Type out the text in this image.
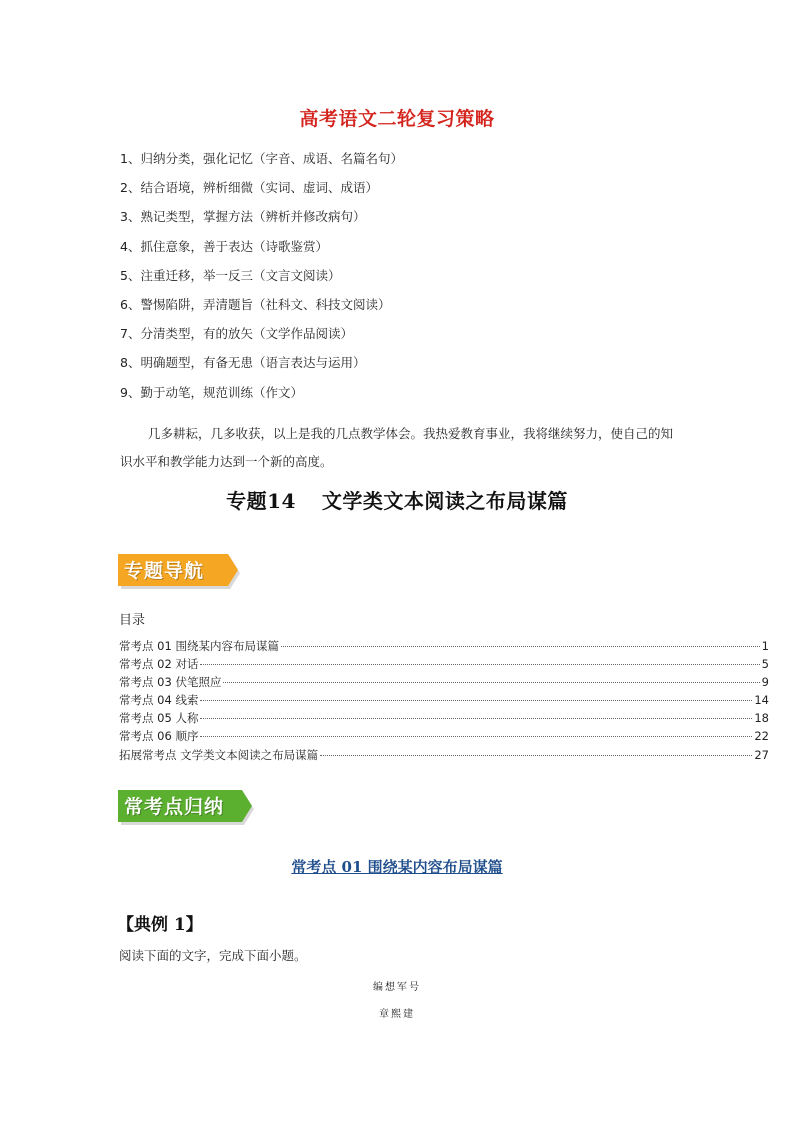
高考语文二轮复习策略
1、归纳分类，强化记忆（字音、成语、名篇名句）
2、结合语境，辨析细微（实词、虚词、成语）
3、熟记类型，掌握方法（辨析并修改病句）
4、抓住意象，善于表达（诗歌鉴赏）
5、注重迁移，举一反三（文言文阅读）
6、警惕陷阱，弄清题旨（社科文、科技文阅读）
7、分清类型，有的放矢（文学作品阅读）
8、明确题型，有备无患（语言表达与运用）
9、勤于动笔，规范训练（作文）

几多耕耘，几多收获，以上是我的几点教学体会。我热爱教育事业，我将继续努力，使自己的知识水平和教学能力达到一个新的高度。

专题14 文学类文本阅读之布局谋篇
专题导航
目录
常考点 01 围绕某内容布局谋篇	1
常考点 02 对话	5
常考点 03 伏笔照应	9
常考点 04 线索	14
常考点 05 人称	18
常考点 06 顺序	22
拓展常考点 文学类文本阅读之布局谋篇	27
常考点归纳
常考点 01 围绕某内容布局谋篇
【典例 1】
阅读下面的文字，完成下面小题。
编想军号
章熙建
